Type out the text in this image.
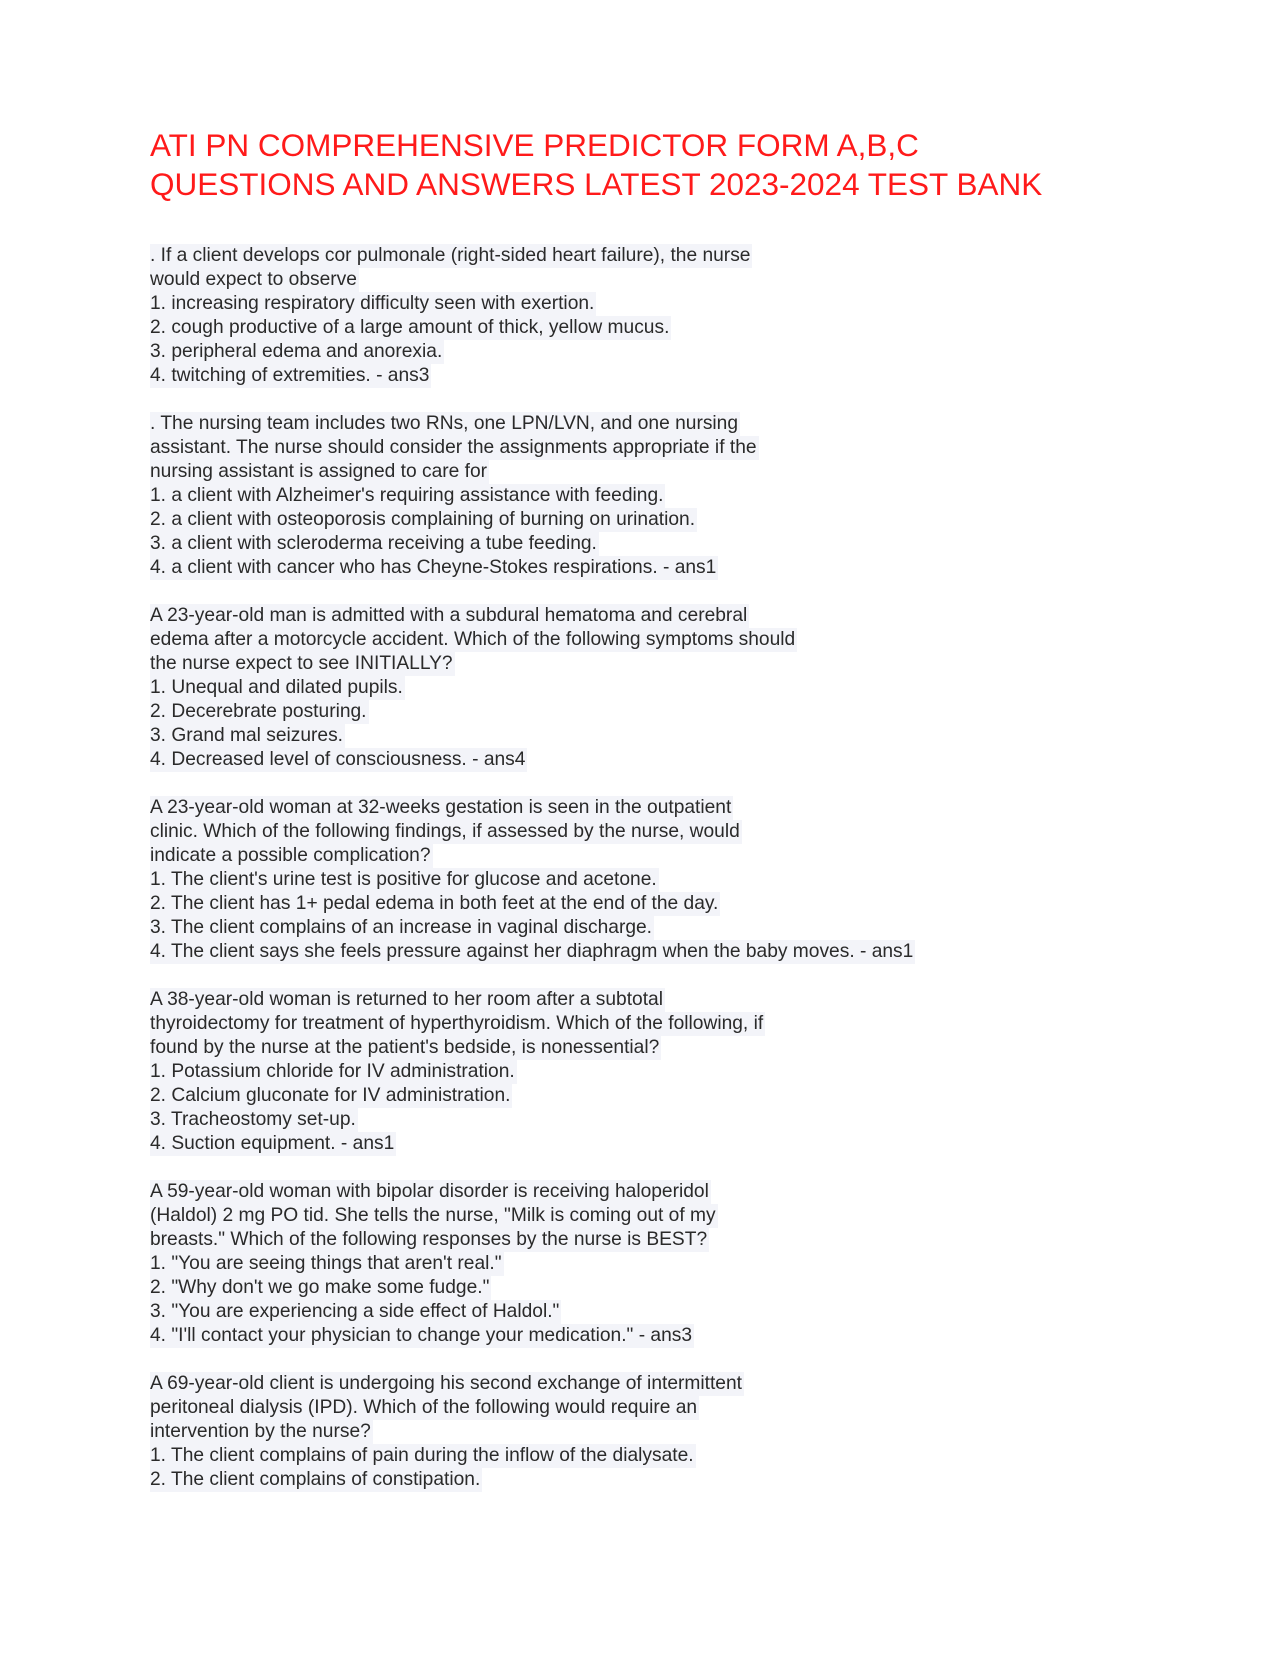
ATI PN COMPREHENSIVE PREDICTOR FORM A,B,C
QUESTIONS AND ANSWERS LATEST 2023-2024 TEST BANK
. If a client develops cor pulmonale (right-sided heart failure), the nurse
would expect to observe
1. increasing respiratory difficulty seen with exertion.
2. cough productive of a large amount of thick, yellow mucus.
3. peripheral edema and anorexia.
4. twitching of extremities. - ans3
. The nursing team includes two RNs, one LPN/LVN, and one nursing
assistant. The nurse should consider the assignments appropriate if the
nursing assistant is assigned to care for
1. a client with Alzheimer's requiring assistance with feeding.
2. a client with osteoporosis complaining of burning on urination.
3. a client with scleroderma receiving a tube feeding.
4. a client with cancer who has Cheyne-Stokes respirations. - ans1
A 23-year-old man is admitted with a subdural hematoma and cerebral
edema after a motorcycle accident. Which of the following symptoms should
the nurse expect to see INITIALLY?
1. Unequal and dilated pupils.
2. Decerebrate posturing.
3. Grand mal seizures.
4. Decreased level of consciousness. - ans4
A 23-year-old woman at 32-weeks gestation is seen in the outpatient
clinic. Which of the following findings, if assessed by the nurse, would
indicate a possible complication?
1. The client's urine test is positive for glucose and acetone.
2. The client has 1+ pedal edema in both feet at the end of the day.
3. The client complains of an increase in vaginal discharge.
4. The client says she feels pressure against her diaphragm when the baby moves. - ans1
A 38-year-old woman is returned to her room after a subtotal
thyroidectomy for treatment of hyperthyroidism. Which of the following, if
found by the nurse at the patient's bedside, is nonessential?
1. Potassium chloride for IV administration.
2. Calcium gluconate for IV administration.
3. Tracheostomy set-up.
4. Suction equipment. - ans1
A 59-year-old woman with bipolar disorder is receiving haloperidol
(Haldol) 2 mg PO tid. She tells the nurse, "Milk is coming out of my
breasts." Which of the following responses by the nurse is BEST?
1. "You are seeing things that aren't real."
2. "Why don't we go make some fudge."
3. "You are experiencing a side effect of Haldol."
4. "I'll contact your physician to change your medication." - ans3
A 69-year-old client is undergoing his second exchange of intermittent
peritoneal dialysis (IPD). Which of the following would require an
intervention by the nurse?
1. The client complains of pain during the inflow of the dialysate.
2. The client complains of constipation.
